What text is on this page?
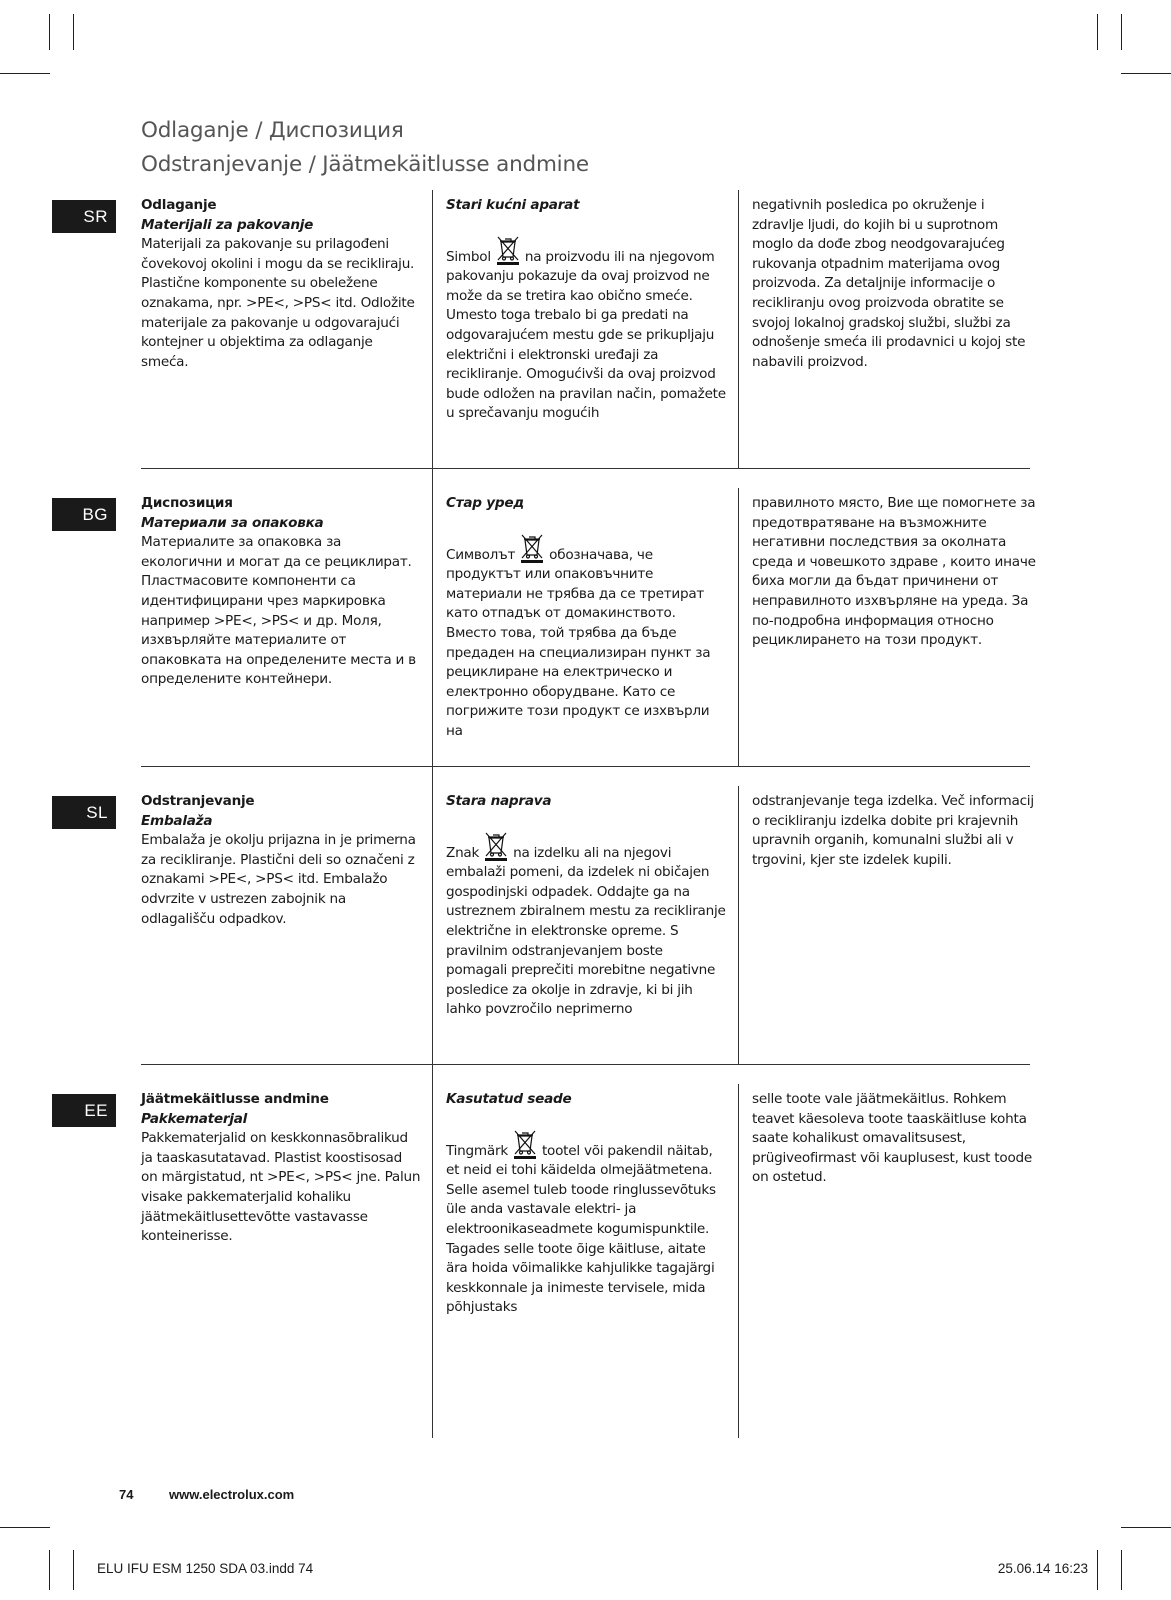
Odlaganje / Диспозиция
Odstranjevanje / Jäätmekäitlusse andmine
SR

Odlaganje

Materijali za pakovanje

Materijali za pakovanje su prilagođeni čovekovoj okolini i mogu da se recikliraju. Plastične komponente su obeležene oznakama, npr. >PE<, >PS< itd. Odložite materijale za pakovanje u odgovarajući kontejner u objektima za odlaganje smeća.

Stari kućni aparat

Simbol	na proizvodu ili na njegovom pakovanju pokazuje da ovaj proizvod ne može da se tretira kao obično smeće. Umesto toga trebalo bi ga predati na odgovarajućem mestu gde se prikupljaju električni i elektronski uređaji za recikliranje. Omogućivši da ovaj proizvod bude odložen na pravilan način, pomažete u sprečavanju mogućih

negativnih posledica po okruženje i zdravlje ljudi, do kojih bi u suprotnom moglo da dođe zbog neodgovarajućeg rukovanja otpadnim materijama ovog proizvoda. Za detaljnije informacije o recikliranju ovog proizvoda obratite se svojoj lokalnoj gradskoj službi, službi za odnošenje smeća ili prodavnici u kojoj ste nabavili proizvod.

BG

Диспозиция

Материали за опаковка

Материалите за опаковка за екологични и могат да се рециклират. Пластмасовите компоненти са идентифицирани чрез маркировка например >PE<, >PS< и др. Моля, изхвърляйте материалите от опаковката на определените места и в определените контейнери.

Стар уред

Символът	обозначава, че продуктът или опаковъчните материали не трябва да се третират като отпадък от домакинството. Вместо това, той трябва да бъде предаден на специализиран пункт за рециклиране на електрическо и електронно оборудване. Като се погрижите този продукт се изхвърли на

правилното място, Вие ще помогнете за предотвратяване на възможните негативни последствия за околната среда и човешкото здраве , които иначе биха могли да бъдат причинени от неправилното изхвърляне на уреда. За по-подробна информация относно рециклирането на този продукт.

SL

Odstranjevanje

Embalaža

Embalaža je okolju prijazna in je primerna za recikliranje. Plastični deli so označeni z oznakami >PE<, >PS< itd. Embalažo odvrzite v ustrezen zabojnik na odlagališču odpadkov.

Stara naprava

Znak	na izdelku ali na njegovi embalaži pomeni, da izdelek ni običajen gospodinjski odpadek. Oddajte ga na ustreznem zbiralnem mestu za recikliranje električne in elektronske opreme. S pravilnim odstranjevanjem boste pomagali preprečiti morebitne negativne posledice za okolje in zdravje, ki bi jih lahko povzročilo neprimerno

odstranjevanje tega izdelka. Več informacij o recikliranju izdelka dobite pri krajevnih upravnih organih, komunalni službi ali v trgovini, kjer ste izdelek kupili.

EE

Jäätmekäitlusse andmine

Pakkematerjal

Pakkematerjalid on keskkonnasõbralikud ja taaskasutatavad. Plastist koostisosad on märgistatud, nt >PE<, >PS< jne. Palun visake pakkematerjalid kohaliku jäätmekäitlusettevõtte vastavasse konteinerisse.

Kasutatud seade

Tingmärk	tootel või pakendil näitab, et neid ei tohi käidelda olmejäätmetena. Selle asemel tuleb toode ringlussevõtuks üle anda vastavale elektri- ja elektroonikaseadmete kogumispunktile. Tagades selle toote õige käitluse, aitate ära hoida võimalikke kahjulikke tagajärgi keskkonnale ja inimeste tervisele, mida põhjustaks

selle toote vale jäätmekäitlus. Rohkem teavet käesoleva toote taaskäitluse kohta saate kohalikust omavalitsusest, prügiveofirmast või kauplusest, kust toode on ostetud.

74	www.electrolux.com
ELU IFU ESM 1250 SDA 03.indd 74	25.06.14 16:23
